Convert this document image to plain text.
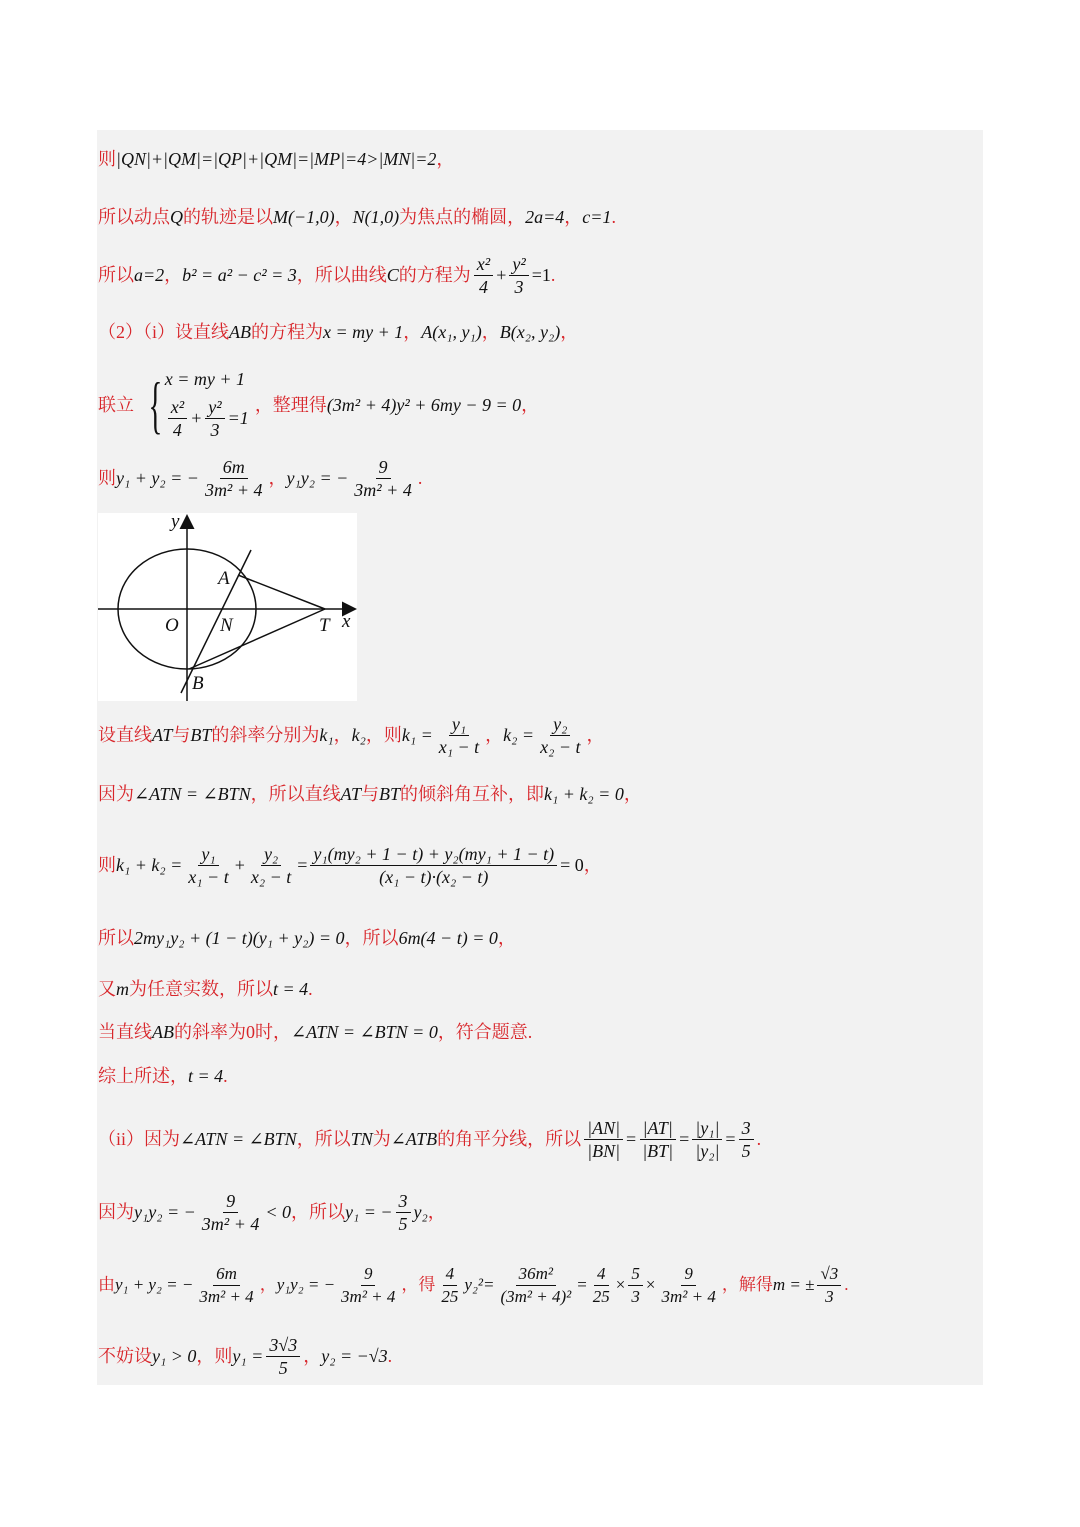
则 |QN|+|QM|=|QP|+|QM|=|MP|=4>|MN|=2 ，
所以动点 Q 的轨迹是以 M(−1,0) ， N(1,0) 为焦点的椭圆， 2a=4 ， c=1 .
所以 a=2 ， b² = a² − c² = 3 ，所以曲线 C 的方程为 $\frac{\text{x²}}{4} + \frac{\text{y²}}{3} =1$ .
（2）（i）设直线 AB 的方程为 x = my + 1 ， A(x₁, y₁) ， B(x₂, y₂) ，
联立 { x = my + 1
$\frac{\text{x²}}{4} + \frac{\text{y²}}{3} =1$
，整理得 (3m² + 4)y² + 6my − 9 = 0 ，
则 y₁ + y₂ = − $\frac{6m}{\text{3m² + 4}}$ ， y₁y₂ = − $\frac{9}{\text{3m² + 4}}$ .
y
x
A
O N	T
B
设直线 AT 与 BT 的斜率分别为 k₁ ， k₂ ，则 $k_1 = \frac{\text{y₁}}{\text{x₁ − t}}$ ， $k_2 = \frac{\text{y₂}}{\text{x₂ − t}}$ ，
因为 ∠ATN = ∠BTN ，所以直线 AT 与 BT 的倾斜角互补，即 k₁ + k₂ = 0 ，
则 $k_1 + k_2 = \frac{\text{y₁}}{\text{x₁ − t}} + \frac{\text{y₂}}{\text{x₂ − t}} = \frac{\text{y₁(my₂ + 1 − t) + y₂(my₁ + 1 − t)}}{\text{(x₁ − t)·(x₂ − t)}} = 0$ ，
所以 2my₁y₂ + (1 − t)(y₁ + y₂) = 0 ，所以 6m(4 − t) = 0 ，
又 m 为任意实数，所以 t = 4 .
当直线 AB 的斜率为 0 时， ∠ATN = ∠BTN = 0 ，符合题意.
综上所述， t = 4 .
（ii）因为 ∠ATN = ∠BTN ，所以 TN 为 ∠ATB 的角平分线，所以 $\frac{|AN|}{|BN|} = \frac{|AT|}{|BT|} = \frac{\text{|y₁|}}{\text{|y₂|}} = \frac{3}{5}$ .
因为 y₁y₂ = − $\frac{9}{\text{3m² + 4}} < 0$ ，所以 y₁ = − $\frac{3}{5} y_2$ ，
由 y₁ + y₂ = − $\frac{6m}{\text{3m² + 4}}$ ， y₁y₂ = − $\frac{9}{\text{3m² + 4}}$ ，得 $\frac{4}{25} y_2^2= \frac{\text{36m²}}{\text{(3m² + 4)²}} = \frac{4}{25} \times \frac{5}{3} \times \frac{9}{\text{3m² + 4}}$ ，解得 m = ± $\frac{√3}{3}$ .
不妨设 y₁ > 0 ，则 $y_1 = \frac{3√3}{5}$ ， y₂ = −√3 .
